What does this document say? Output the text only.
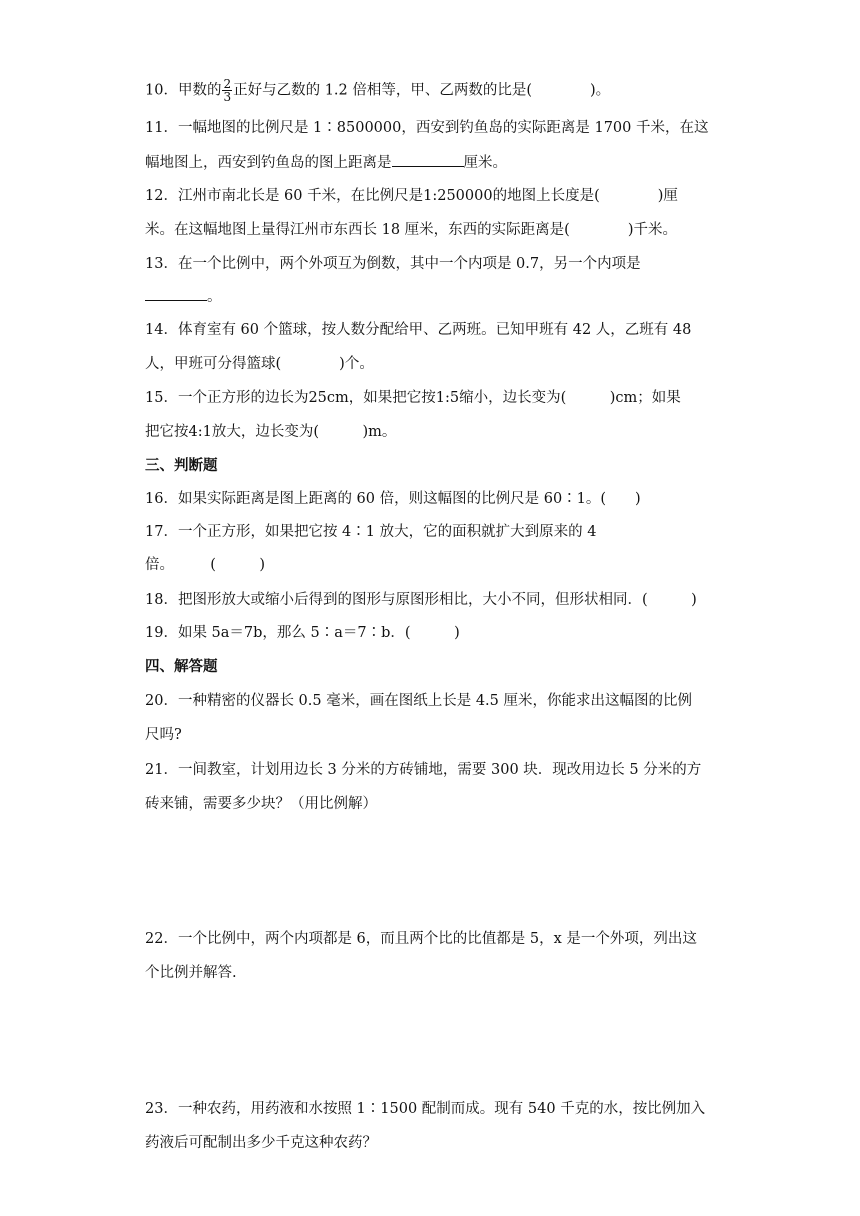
10．甲数的 $\frac{2}{3}$ 正好与乙数的 1.2 倍相等，甲、乙两数的比是(　　　　)。
11．一幅地图的比例尺是 1∶8500000，西安到钓鱼岛的实际距离是 1700 千米，在这
幅地图上，西安到钓鱼岛的图上距离是	厘米。
12．江州市南北长是 60 千米，在比例尺是1:250000的地图上长度是(　　　　)厘
米。在这幅地图上量得江州市东西长 18 厘米，东西的实际距离是(　　　　)千米。
13．在一个比例中，两个外项互为倒数，其中一个内项是 0.7，另一个内项是
。
14．体育室有 60 个篮球，按人数分配给甲、乙两班。已知甲班有 42 人，乙班有 48
人，甲班可分得篮球(　　　　)个。
15．一个正方形的边长为25cm，如果把它按1:5缩小，边长变为(　　　)cm；如果
把它按4:1放大，边长变为(　　　)m。
三、判断题
16．如果实际距离是图上距离的 60 倍，则这幅图的比例尺是 60∶1。(　　)
17．一个正方形，如果把它按 4∶1 放大，它的面积就扩大到原来的 4
倍。　　　(　　　)
18．把图形放大或缩小后得到的图形与原图形相比，大小不同，但形状相同．(　　　)
19．如果 5a＝7b，那么 5∶a＝7∶b．(　　　)
四、解答题
20．一种精密的仪器长 0.5 毫米，画在图纸上长是 4.5 厘米，你能求出这幅图的比例
尺吗?
21．一间教室，计划用边长 3 分米的方砖铺地，需要 300 块．现改用边长 5 分米的方
砖来铺，需要多少块？（用比例解）
22．一个比例中，两个内项都是 6，而且两个比的比值都是 5，x 是一个外项，列出这
个比例并解答.
23．一种农药，用药液和水按照 1∶1500 配制而成。现有 540 千克的水，按比例加入
药液后可配制出多少千克这种农药？
